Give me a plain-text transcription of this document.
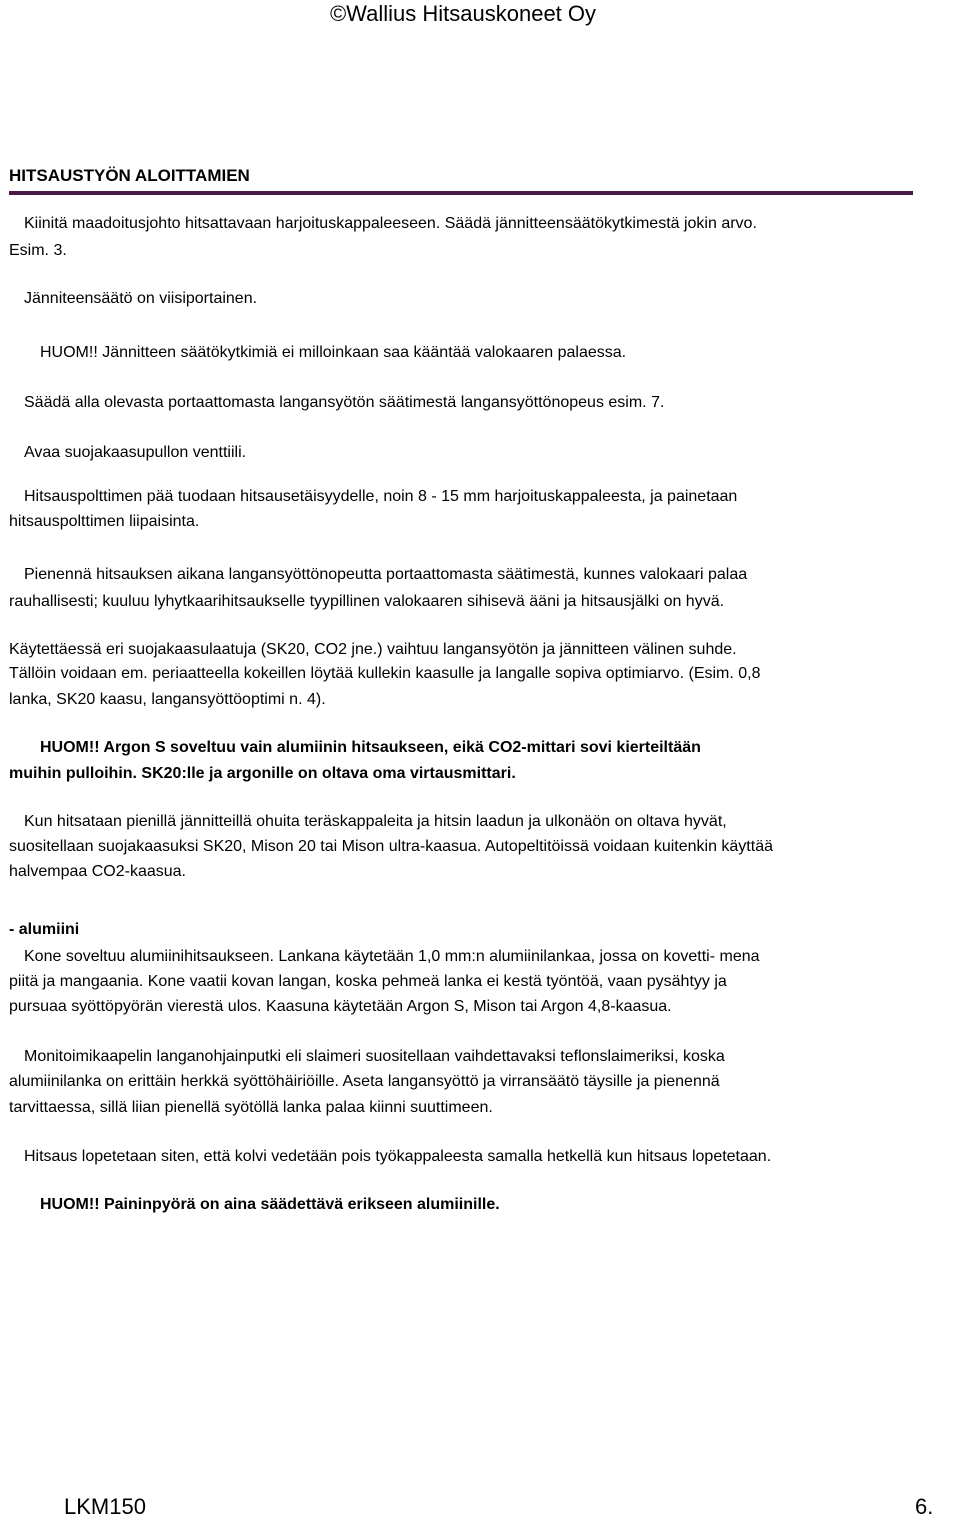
©Wallius Hitsauskoneet Oy
HITSAUSTYÖN ALOITTAMIEN
Kiinitä maadoitusjohto hitsattavaan harjoituskappaleeseen. Säädä jännitteensäätökytkimestä jokin arvo.
Esim. 3.
Jänniteensäätö on viisiportainen.
HUOM!! Jännitteen säätökytkimiä ei milloinkaan saa kääntää valokaaren palaessa.
Säädä alla olevasta portaattomasta langansyötön säätimestä langansyöttönopeus esim. 7.
Avaa suojakaasupullon venttiili.
Hitsauspolttimen pää tuodaan hitsausetäisyydelle, noin 8 - 15 mm harjoituskappaleesta, ja painetaan
hitsauspolttimen liipaisinta.
Pienennä hitsauksen aikana langansyöttönopeutta portaattomasta säätimestä, kunnes valokaari palaa
rauhallisesti; kuuluu lyhytkaarihitsaukselle tyypillinen valokaaren sihisevä ääni ja hitsausjälki on hyvä.
Käytettäessä eri suojakaasulaatuja (SK20, CO2 jne.) vaihtuu langansyötön ja jännitteen välinen suhde.
Tällöin voidaan em. periaatteella kokeillen löytää kullekin kaasulle ja langalle sopiva optimiarvo. (Esim. 0,8
lanka, SK20 kaasu, langansyöttöoptimi n. 4).
HUOM!! Argon S soveltuu vain alumiinin hitsaukseen, eikä CO2-mittari sovi kierteiltään
muihin pulloihin. SK20:lle ja argonille on oltava oma virtausmittari.
Kun hitsataan pienillä jännitteillä ohuita teräskappaleita ja hitsin laadun ja ulkonäön on oltava hyvät,
suositellaan suojakaasuksi SK20, Mison 20 tai Mison ultra-kaasua. Autopeltitöissä voidaan kuitenkin käyttää
halvempaa CO2-kaasua.
- alumiini
Kone soveltuu alumiinihitsaukseen. Lankana käytetään 1,0 mm:n alumiinilankaa, jossa on kovetti- mena
piitä ja mangaania. Kone vaatii kovan langan, koska pehmeä lanka ei kestä työntöä, vaan pysähtyy ja
pursuaa syöttöpyörän vierestä ulos. Kaasuna käytetään Argon S, Mison tai Argon 4,8-kaasua.
Monitoimikaapelin langanohjainputki eli slaimeri suositellaan vaihdettavaksi teflonslaimeriksi, koska
alumiinilanka on erittäin herkkä syöttöhäiriöille. Aseta langansyöttö ja virransäätö täysille ja pienennä
tarvittaessa, sillä liian pienellä syötöllä lanka palaa kiinni suuttimeen.
Hitsaus lopetetaan siten, että kolvi vedetään pois työkappaleesta samalla hetkellä kun hitsaus lopetetaan.
HUOM!! Paininpyörä on aina säädettävä erikseen alumiinille.
LKM150	6.
